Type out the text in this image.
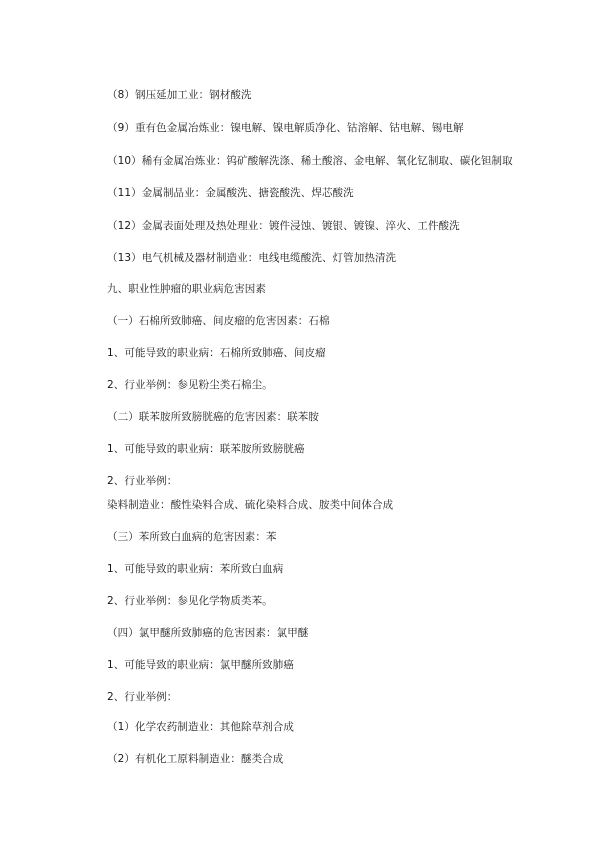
（8）钢压延加工业：钢材酸洗
（9）重有色金属冶炼业：镍电解、镍电解质净化、钴溶解、钴电解、锡电解
（10）稀有金属冶炼业：钨矿酸解洗涤、稀土酸溶、金电解、氧化钇制取、碳化钽制取
（11）金属制品业：金属酸洗、搪瓷酸洗、焊芯酸洗
（12）金属表面处理及热处理业：镀件浸蚀、镀银、镀镍、淬火、工件酸洗
（13）电气机械及器材制造业：电线电缆酸洗、灯管加热清洗
九、职业性肿瘤的职业病危害因素
（一）石棉所致肺癌、间皮瘤的危害因素：石棉
1、可能导致的职业病：石棉所致肺癌、间皮瘤
2、行业举例：参见粉尘类石棉尘。
（二）联苯胺所致膀胱癌的危害因素：联苯胺
1、可能导致的职业病：联苯胺所致膀胱癌
2、行业举例：
染料制造业：酸性染料合成、硫化染料合成、胺类中间体合成
（三）苯所致白血病的危害因素：苯
1、可能导致的职业病：苯所致白血病
2、行业举例：参见化学物质类苯。
（四）氯甲醚所致肺癌的危害因素：氯甲醚
1、可能导致的职业病：氯甲醚所致肺癌
2、行业举例：
（1）化学农药制造业：其他除草剂合成
（2）有机化工原料制造业：醚类合成
